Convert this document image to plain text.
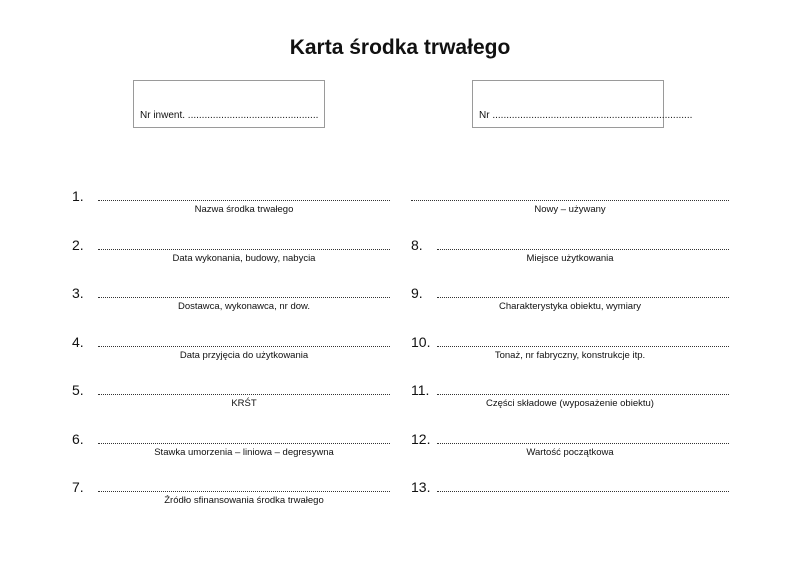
Karta środka trwałego
Nr inwent. ...............................................	Nr ........................................................................
1.
Nazwa środka trwałego
2.
Data wykonania, budowy, nabycia
3.
Dostawca, wykonawca, nr dow.
4.
Data przyjęcia do użytkowania
5.
KRŚT
6.
Stawka umorzenia – liniowa – degresywna
7.
Źródło sfinansowania środka trwałego
Nowy – używany
8.
Miejsce użytkowania
9.
Charakterystyka obiektu, wymiary
10.
Tonaż, nr fabryczny, konstrukcje itp.
11.
Części składowe (wyposażenie obiektu)
12.
Wartość początkowa
13.
